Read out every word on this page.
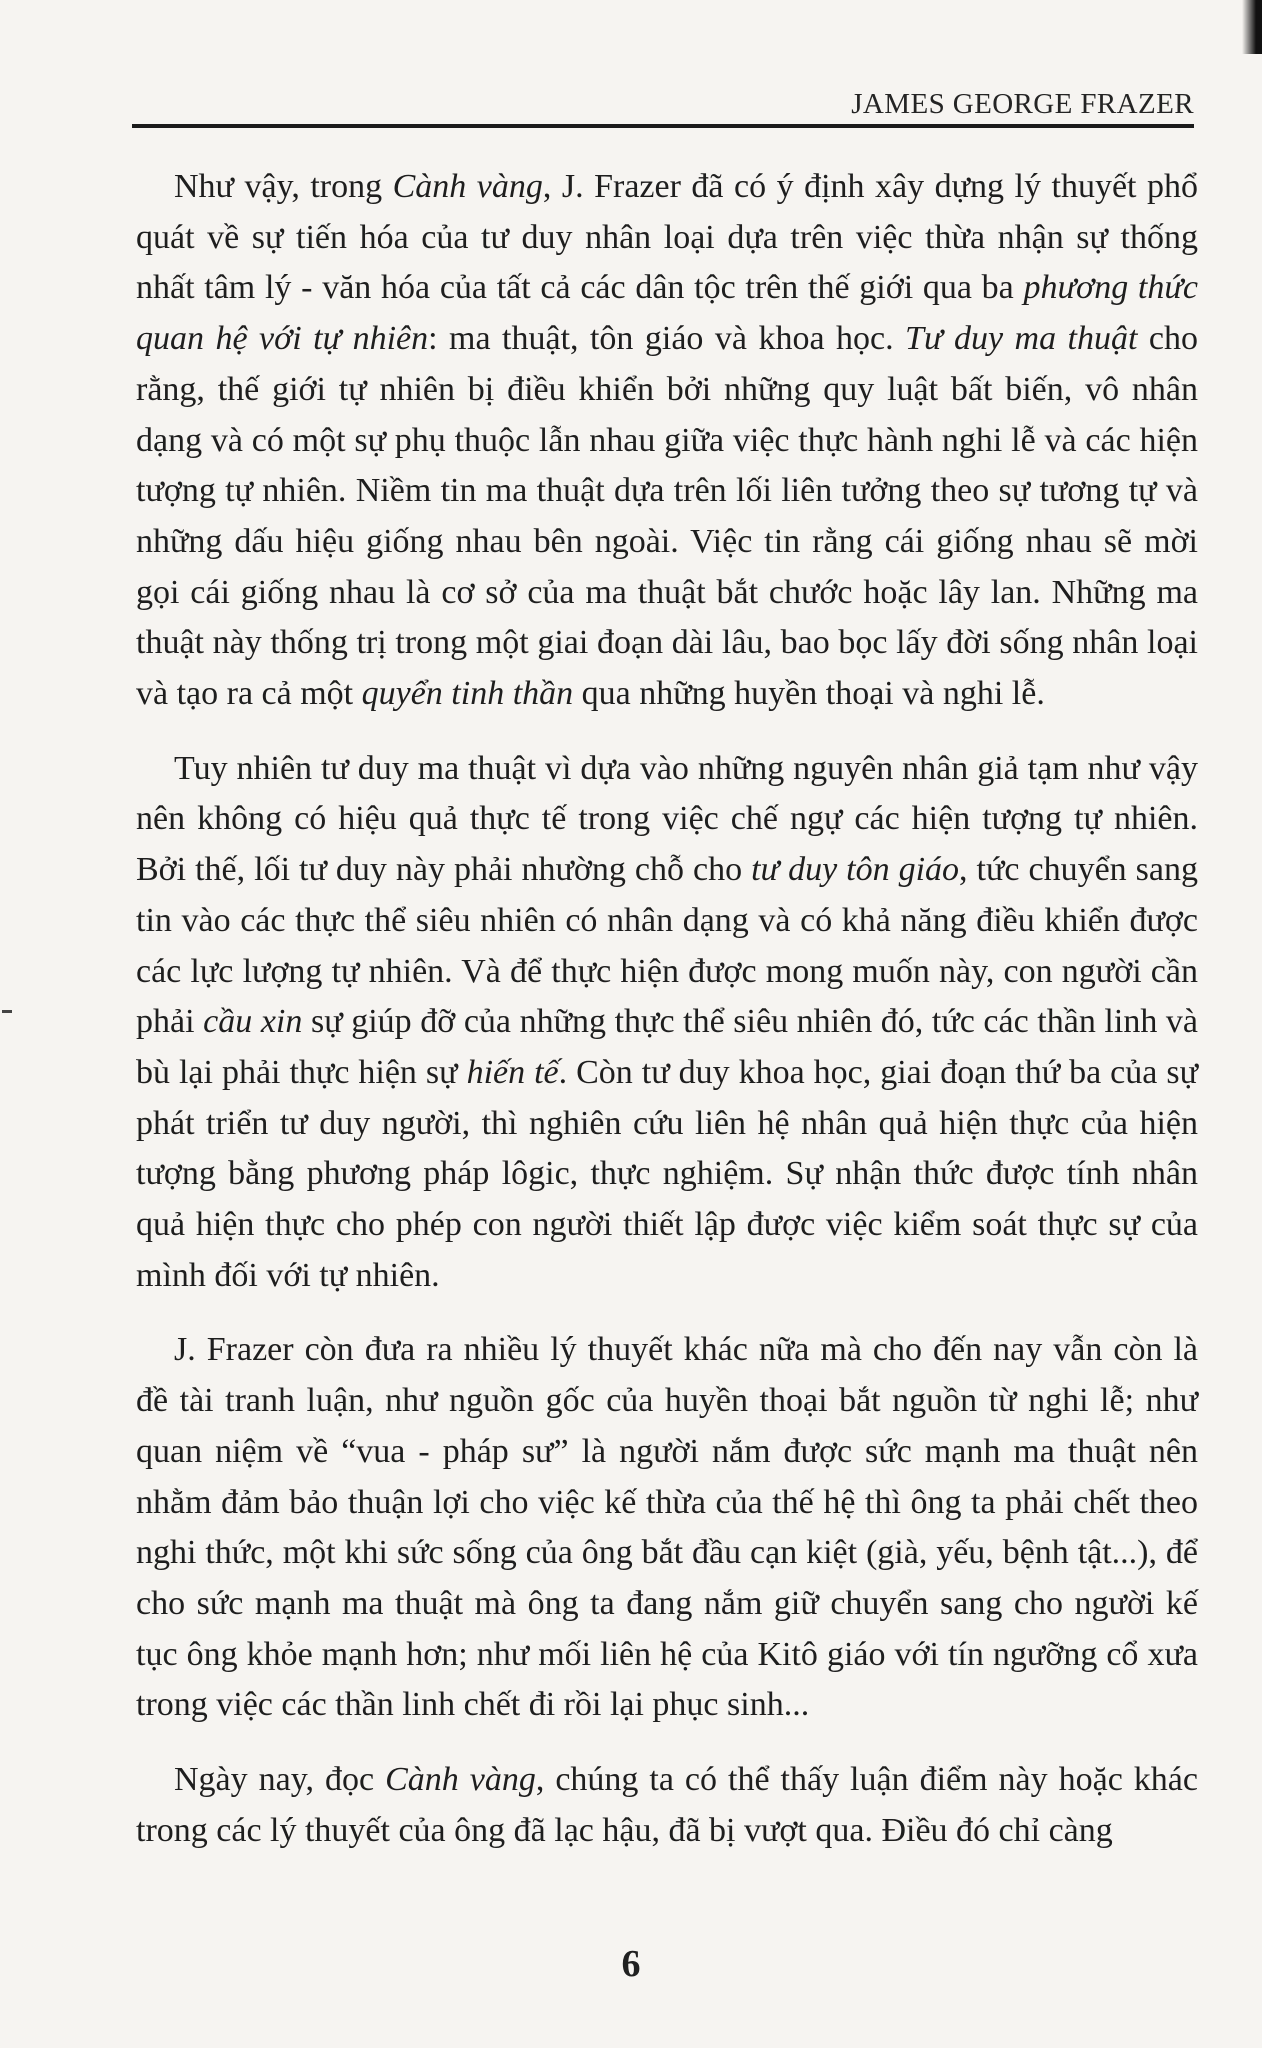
JAMES GEORGE FRAZER

Như vậy, trong Cành vàng, J. Frazer đã có ý định xây dựng lý thuyết phổ quát về sự tiến hóa của tư duy nhân loại dựa trên việc thừa nhận sự thống nhất tâm lý - văn hóa của tất cả các dân tộc trên thế giới qua ba phương thức quan hệ với tự nhiên: ma thuật, tôn giáo và khoa học. Tư duy ma thuật cho rằng, thế giới tự nhiên bị điều khiển bởi những quy luật bất biến, vô nhân dạng và có một sự phụ thuộc lẫn nhau giữa việc thực hành nghi lễ và các hiện tượng tự nhiên. Niềm tin ma thuật dựa trên lối liên tưởng theo sự tương tự và những dấu hiệu giống nhau bên ngoài. Việc tin rằng cái giống nhau sẽ mời gọi cái giống nhau là cơ sở của ma thuật bắt chước hoặc lây lan. Những ma thuật này thống trị trong một giai đoạn dài lâu, bao bọc lấy đời sống nhân loại và tạo ra cả một quyển tinh thần qua những huyền thoại và nghi lễ.

Tuy nhiên tư duy ma thuật vì dựa vào những nguyên nhân giả tạm như vậy nên không có hiệu quả thực tế trong việc chế ngự các hiện tượng tự nhiên. Bởi thế, lối tư duy này phải nhường chỗ cho tư duy tôn giáo, tức chuyển sang tin vào các thực thể siêu nhiên có nhân dạng và có khả năng điều khiển được các lực lượng tự nhiên. Và để thực hiện được mong muốn này, con người cần phải cầu xin sự giúp đỡ của những thực thể siêu nhiên đó, tức các thần linh và bù lại phải thực hiện sự hiến tế. Còn tư duy khoa học, giai đoạn thứ ba của sự phát triển tư duy người, thì nghiên cứu liên hệ nhân quả hiện thực của hiện tượng bằng phương pháp lôgic, thực nghiệm. Sự nhận thức được tính nhân quả hiện thực cho phép con người thiết lập được việc kiểm soát thực sự của mình đối với tự nhiên.

J. Frazer còn đưa ra nhiều lý thuyết khác nữa mà cho đến nay vẫn còn là đề tài tranh luận, như nguồn gốc của huyền thoại bắt nguồn từ nghi lễ; như quan niệm về “vua - pháp sư” là người nắm được sức mạnh ma thuật nên nhằm đảm bảo thuận lợi cho việc kế thừa của thế hệ thì ông ta phải chết theo nghi thức, một khi sức sống của ông bắt đầu cạn kiệt (già, yếu, bệnh tật...), để cho sức mạnh ma thuật mà ông ta đang nắm giữ chuyển sang cho người kế tục ông khỏe mạnh hơn; như mối liên hệ của Kitô giáo với tín ngưỡng cổ xưa trong việc các thần linh chết đi rồi lại phục sinh...

Ngày nay, đọc Cành vàng, chúng ta có thể thấy luận điểm này hoặc khác trong các lý thuyết của ông đã lạc hậu, đã bị vượt qua. Điều đó chỉ càng

6
